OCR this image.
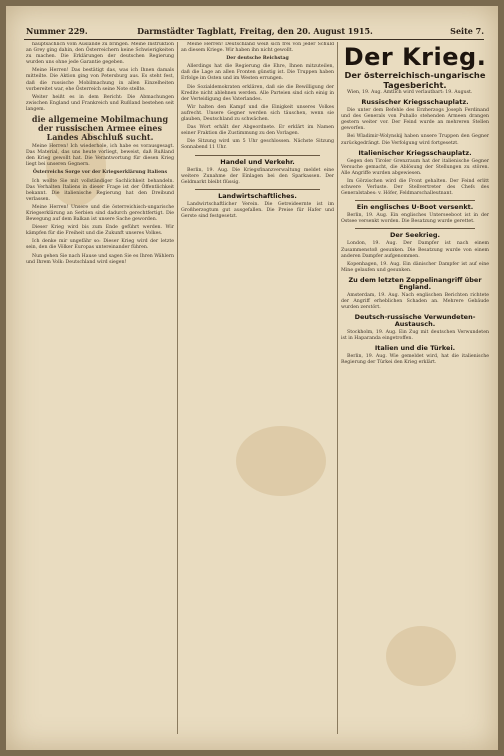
Nummer 229.	Darmstädter Tagblatt, Freitag, den 20. August 1915.	Seite 7.

hauptsächlich vom Auslande zu bringen. Meine Instruktion an Grey ging dahin, den Österreichern keine Schwierigkeiten zu machen. Die Erklärungen der deutschen Regierung wurden uns ohne jede Garantie gegeben.

Meine Herren! Das bestätigt das, was ich Ihnen damals mitteilte. Die Aktion ging von Petersburg aus. Es steht fest, daß die russische Mobilmachung in allen Einzelheiten vorbereitet war, ehe Österreich seine Note stellte.

Weiter heißt es in dem Bericht: Die Abmachungen zwischen England und Frankreich und Rußland bestehen seit langem.

die allgemeine Mobilmachung der russischen Armee eines Landes Abschluß sucht.

Meine Herren! Ich wiederhole, ich habe es vorausgesagt. Das Material, das uns heute vorliegt, beweist, daß Rußland den Krieg gewollt hat. Die Verantwortung für diesen Krieg liegt bei unseren Gegnern.

Österreichs Sorge vor der Kriegserklärung Italiens

Ich wollte Sie mit vollständiger Sachlichkeit behandeln. Das Verhalten Italiens in dieser Frage ist der Öffentlichkeit bekannt. Die italienische Regierung hat den Dreibund verlassen.

Meine Herren! Unsere und die österreichisch-ungarische Kriegserklärung an Serbien sind dadurch gerechtfertigt. Die Bewegung auf dem Balkan ist unsere Sache geworden.

Dieser Krieg wird bis zum Ende geführt werden. Wir kämpfen für die Freiheit und die Zukunft unseres Volkes.

Ich denke mir ungefähr so: Dieser Krieg wird der letzte sein, den die Völker Europas untereinander führen.

Nun gehen Sie nach Hause und sagen Sie es Ihren Wählern und Ihrem Volk: Deutschland wird siegen!

Meine Herren! Deutschland weiß sich frei von jeder Schuld an diesem Kriege. Wir haben ihn nicht gewollt.

Der deutsche Reichstag

Allerdings hat die Regierung die Ehre, Ihnen mitzuteilen, daß die Lage an allen Fronten günstig ist. Die Truppen haben Erfolge im Osten und im Westen errungen.

Die Sozialdemokraten erklären, daß sie die Bewilligung der Kredite nicht ablehnen werden. Alle Parteien sind sich einig in der Verteidigung des Vaterlandes.

Wir halten den Kampf und die Einigkeit unseres Volkes aufrecht. Unsere Gegner werden sich täuschen, wenn sie glauben, Deutschland zu schwächen.

Das Wort erhält der Abgeordnete. Er erklärt im Namen seiner Fraktion die Zustimmung zu den Vorlagen.

Die Sitzung wird um 5 Uhr geschlossen. Nächste Sitzung Sonnabend 11 Uhr.

Handel und Verkehr.

Berlin, 19. Aug. Die Kriegsfinanzverwaltung meldet eine weitere Zunahme der Einlagen bei den Sparkassen. Der Geldmarkt bleibt flüssig.

Landwirtschaftliches.

Landwirtschaftlicher Verein. Die Getreideernte ist im Großherzogtum gut ausgefallen. Die Preise für Hafer und Gerste sind festgesetzt.

Der Krieg.
Der österreichisch-ungarische
Tagesbericht.

Wien, 19. Aug. Amtlich wird verlautbart: 19. August.

Russischer Kriegsschauplatz.

Die unter dem Befehle des Erzherzogs Joseph Ferdinand und des Generals von Puhallo stehenden Armeen drangen gestern weiter vor. Der Feind wurde an mehreren Stellen geworfen.

Bei Wladimir-Wolynskij haben unsere Truppen den Gegner zurückgedrängt. Die Verfolgung wird fortgesetzt.

Italienischer Kriegsschauplatz.

Gegen den Tiroler Grenzraum hat der italienische Gegner Versuche gemacht, die Ablösung der Stellungen zu stören. Alle Angriffe wurden abgewiesen.

Im Görzischen wird die Front gehalten. Der Feind erlitt schwere Verluste. Der Stellvertreter des Chefs des Generalstabes: v. Höfer, Feldmarschalleutnant.

Ein englisches U-Boot versenkt.

Berlin, 19. Aug. Ein englisches Unterseeboot ist in der Ostsee versenkt worden. Die Besatzung wurde gerettet.

Der Seekrieg.

London, 19. Aug. Der Dampfer ist nach einem Zusammenstoß gesunken. Die Besatzung wurde von einem anderen Dampfer aufgenommen.

Kopenhagen, 19. Aug. Ein dänischer Dampfer ist auf eine Mine gelaufen und gesunken.

Zu dem letzten Zeppelinangriff über England.

Amsterdam, 19. Aug. Nach englischen Berichten richtete der Angriff erheblichen Schaden an. Mehrere Gebäude wurden zerstört.

Deutsch-russische Verwundeten-Austausch.

Stockholm, 19. Aug. Ein Zug mit deutschen Verwundeten ist in Haparanda eingetroffen.

Italien und die Türkei.

Berlin, 19. Aug. Wie gemeldet wird, hat die italienische Regierung der Türkei den Krieg erklärt.
